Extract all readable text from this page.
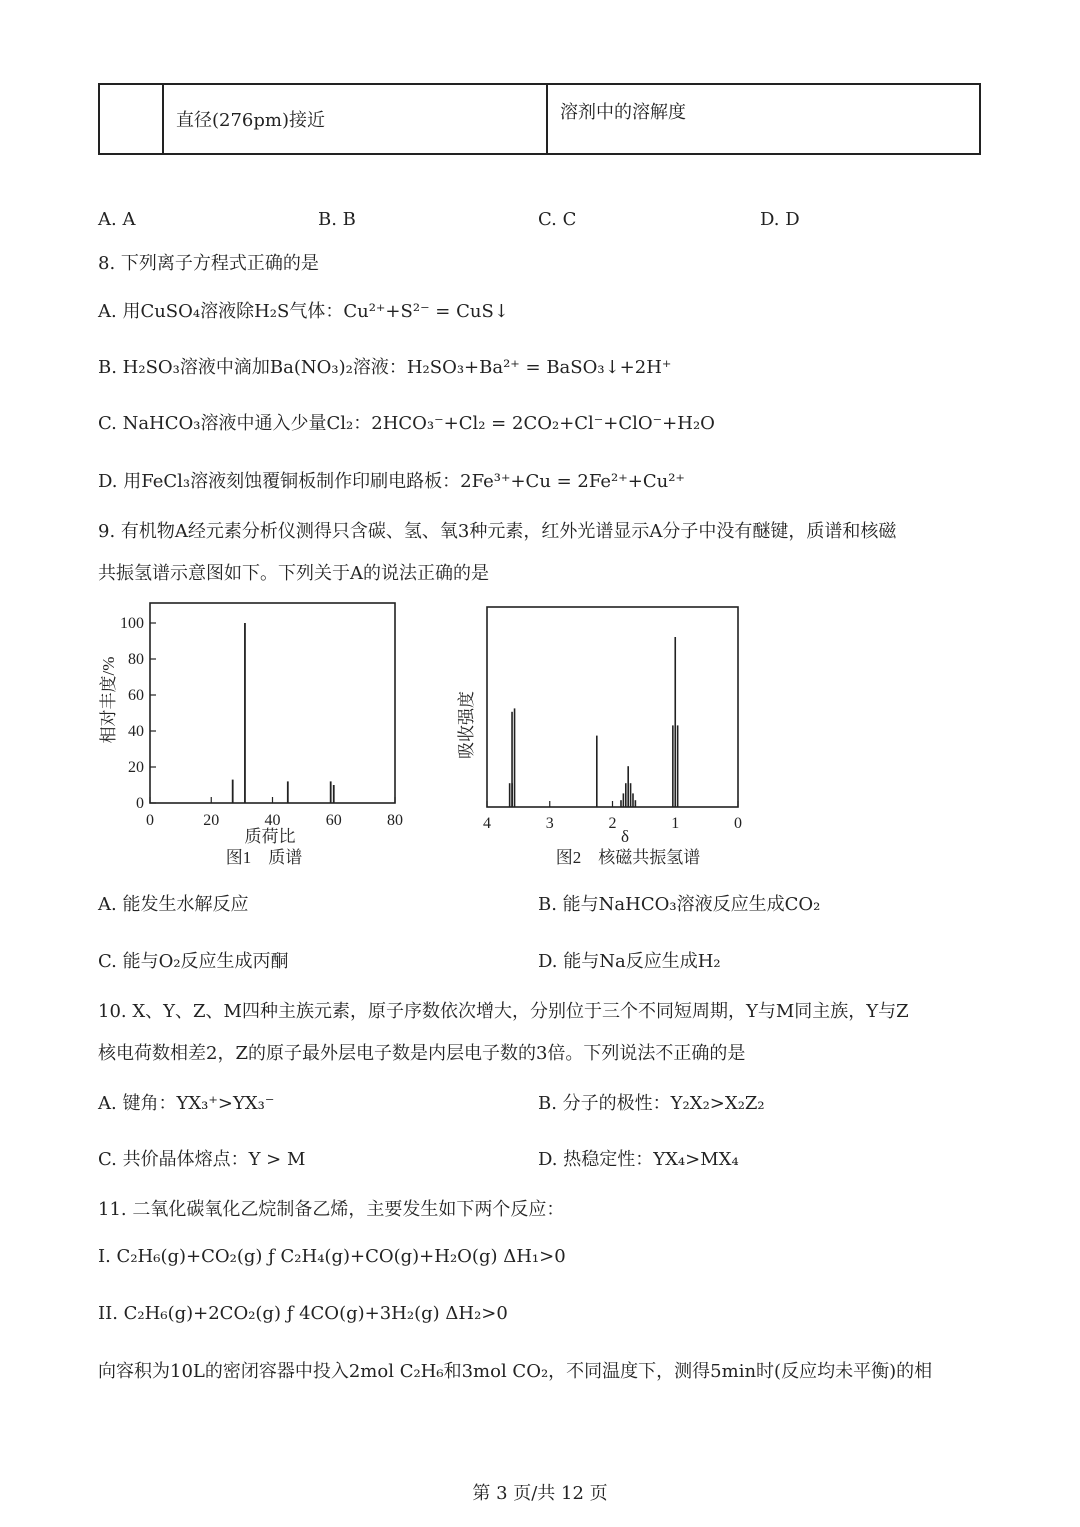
	直径(276pm)接近	溶剂中的溶解度
A. A	B. B	C. C	D. D
8. 下列离子方程式正确的是
A. 用CuSO₄溶液除H₂S气体：Cu²⁺+S²⁻ = CuS↓
B. H₂SO₃溶液中滴加Ba(NO₃)₂溶液：H₂SO₃+Ba²⁺ = BaSO₃↓+2H⁺
C. NaHCO₃溶液中通入少量Cl₂：2HCO₃⁻+Cl₂ = 2CO₂+Cl⁻+ClO⁻+H₂O
D. 用FeCl₃溶液刻蚀覆铜板制作印刷电路板：2Fe³⁺+Cu = 2Fe²⁺+Cu²⁺
9. 有机物A经元素分析仪测得只含碳、氢、氧3种元素，红外光谱显示A分子中没有醚键，质谱和核磁
共振氢谱示意图如下。下列关于A的说法正确的是
0
20
40
60
80
100
0	20	40	60	80
相对丰度/%
质荷比
图1　质谱
4	3	2	1	0
吸收强度
δ
图2　核磁共振氢谱
A. 能发生水解反应	B. 能与NaHCO₃溶液反应生成CO₂
C. 能与O₂反应生成丙酮	D. 能与Na反应生成H₂
10. X、Y、Z、M四种主族元素，原子序数依次增大，分别位于三个不同短周期，Y与M同主族，Y与Z
核电荷数相差2，Z的原子最外层电子数是内层电子数的3倍。下列说法不正确的是
A. 键角：YX₃⁺>YX₃⁻	B. 分子的极性：Y₂X₂>X₂Z₂
C. 共价晶体熔点：Y > M	D. 热稳定性：YX₄>MX₄
11. 二氧化碳氧化乙烷制备乙烯，主要发生如下两个反应：
I. C₂H₆(g)+CO₂(g) ƒ C₂H₄(g)+CO(g)+H₂O(g) ΔH₁>0
II. C₂H₆(g)+2CO₂(g) ƒ 4CO(g)+3H₂(g) ΔH₂>0
向容积为10L的密闭容器中投入2mol C₂H₆和3mol CO₂，不同温度下，测得5min时(反应均未平衡)的相
第 3 页/共 12 页
